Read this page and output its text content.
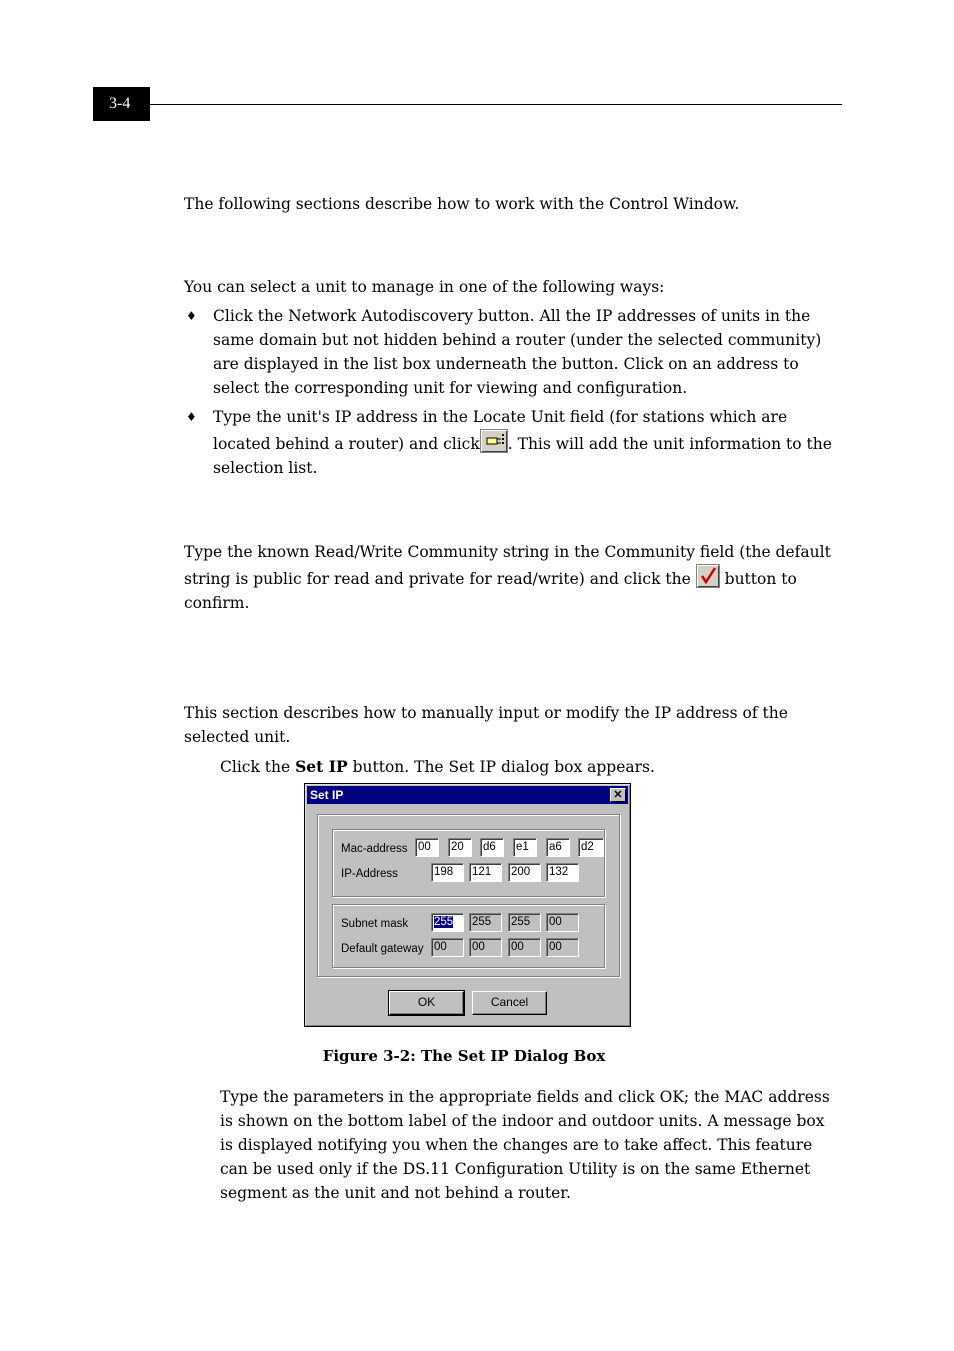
3-4

The following sections describe how to work with the Control Window.

You can select a unit to manage in one of the following ways:

♦ Click the Network Autodiscovery button. All the IP addresses of units in the same domain but not hidden behind a router (under the selected community) are displayed in the list box underneath the button. Click on an address to select the corresponding unit for viewing and configuration.

♦ Type the unit's IP address in the Locate Unit field (for stations which are located behind a router) and click . This will add the unit information to the selection list.

Type the known Read/Write Community string in the Community field (the default string is public for read and private for read/write) and click the button to confirm.

This section describes how to manually input or modify the IP address of the selected unit.

Click the Set IP button. The Set IP dialog box appears.

Set IP	✕
Mac-address 00	20	d6	e1	a6	d2
IP-Address	198	121	200	132
Subnet mask 255	255	255	00
Default gateway 00	00	00	00
OK	Cancel
Figure 3-2: The Set IP Dialog Box

Type the parameters in the appropriate fields and click OK; the MAC address is shown on the bottom label of the indoor and outdoor units. A message box is displayed notifying you when the changes are to take affect. This feature can be used only if the DS.11 Configuration Utility is on the same Ethernet segment as the unit and not behind a router.
